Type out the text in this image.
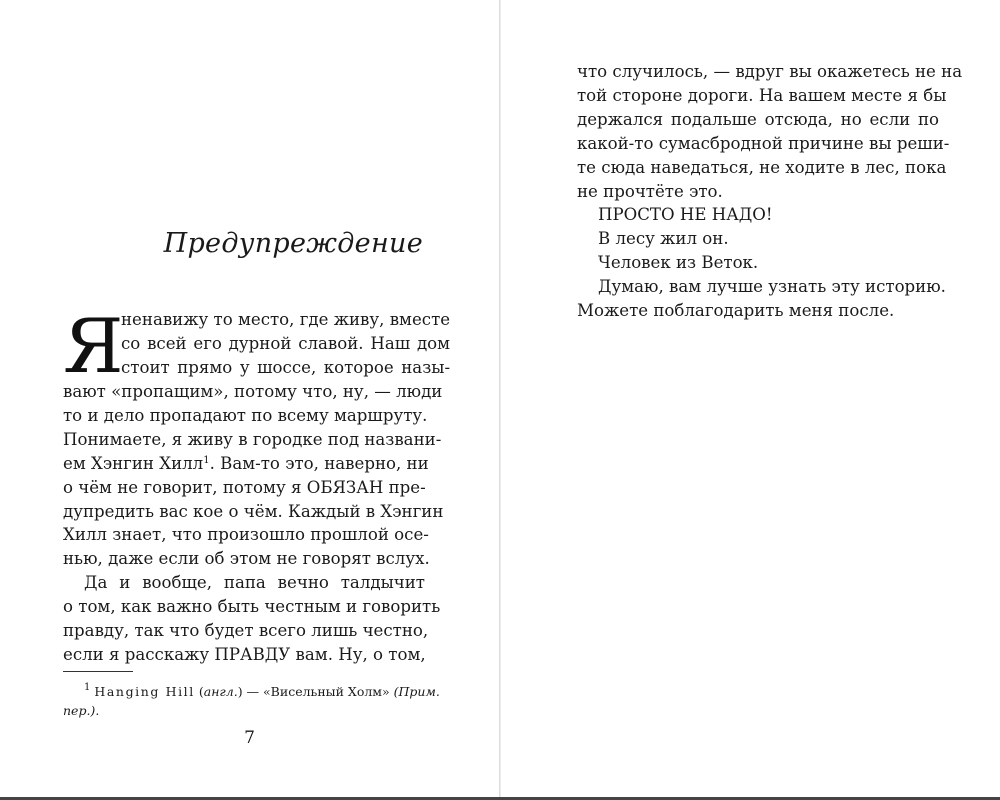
Предупреждение
Я
ненавижу то место, где живу, вместе
со всей его дурной славой. Наш дом
стоит прямо у шоссе, которое назы-
вают «пропащим», потому что, ну, — люди
то и дело пропадают по всему маршруту.
Понимаете, я живу в городке под названи-
ем Хэнгин Хилл$^1$. Вам-то это, наверно, ни
о чём не говорит, потому я ОБЯЗАН пре-
дупредить вас кое о чём. Каждый в Хэнгин
Хилл знает, что произошло прошлой осе-
нью, даже если об этом не говорят вслух.
Да и вообще, папа вечно талдычит
о том, как важно быть честным и говорить
правду, так что будет всего лишь честно,
если я расскажу ПРАВДУ вам. Ну, о том,
$^1$ Hanging Hill (англ.) — «Висельный Холм» (Прим.
пер.).
7
что случилось, — вдруг вы окажетесь не на
той стороне дороги. На вашем месте я бы
держался подальше отсюда, но если по
какой-то сумасбродной причине вы реши-
те сюда наведаться, не ходите в лес, пока
не прочтёте это.
ПРОСТО НЕ НАДО!
В лесу жил он.
Человек из Веток.
Думаю, вам лучше узнать эту историю.
Можете поблагодарить меня после.
